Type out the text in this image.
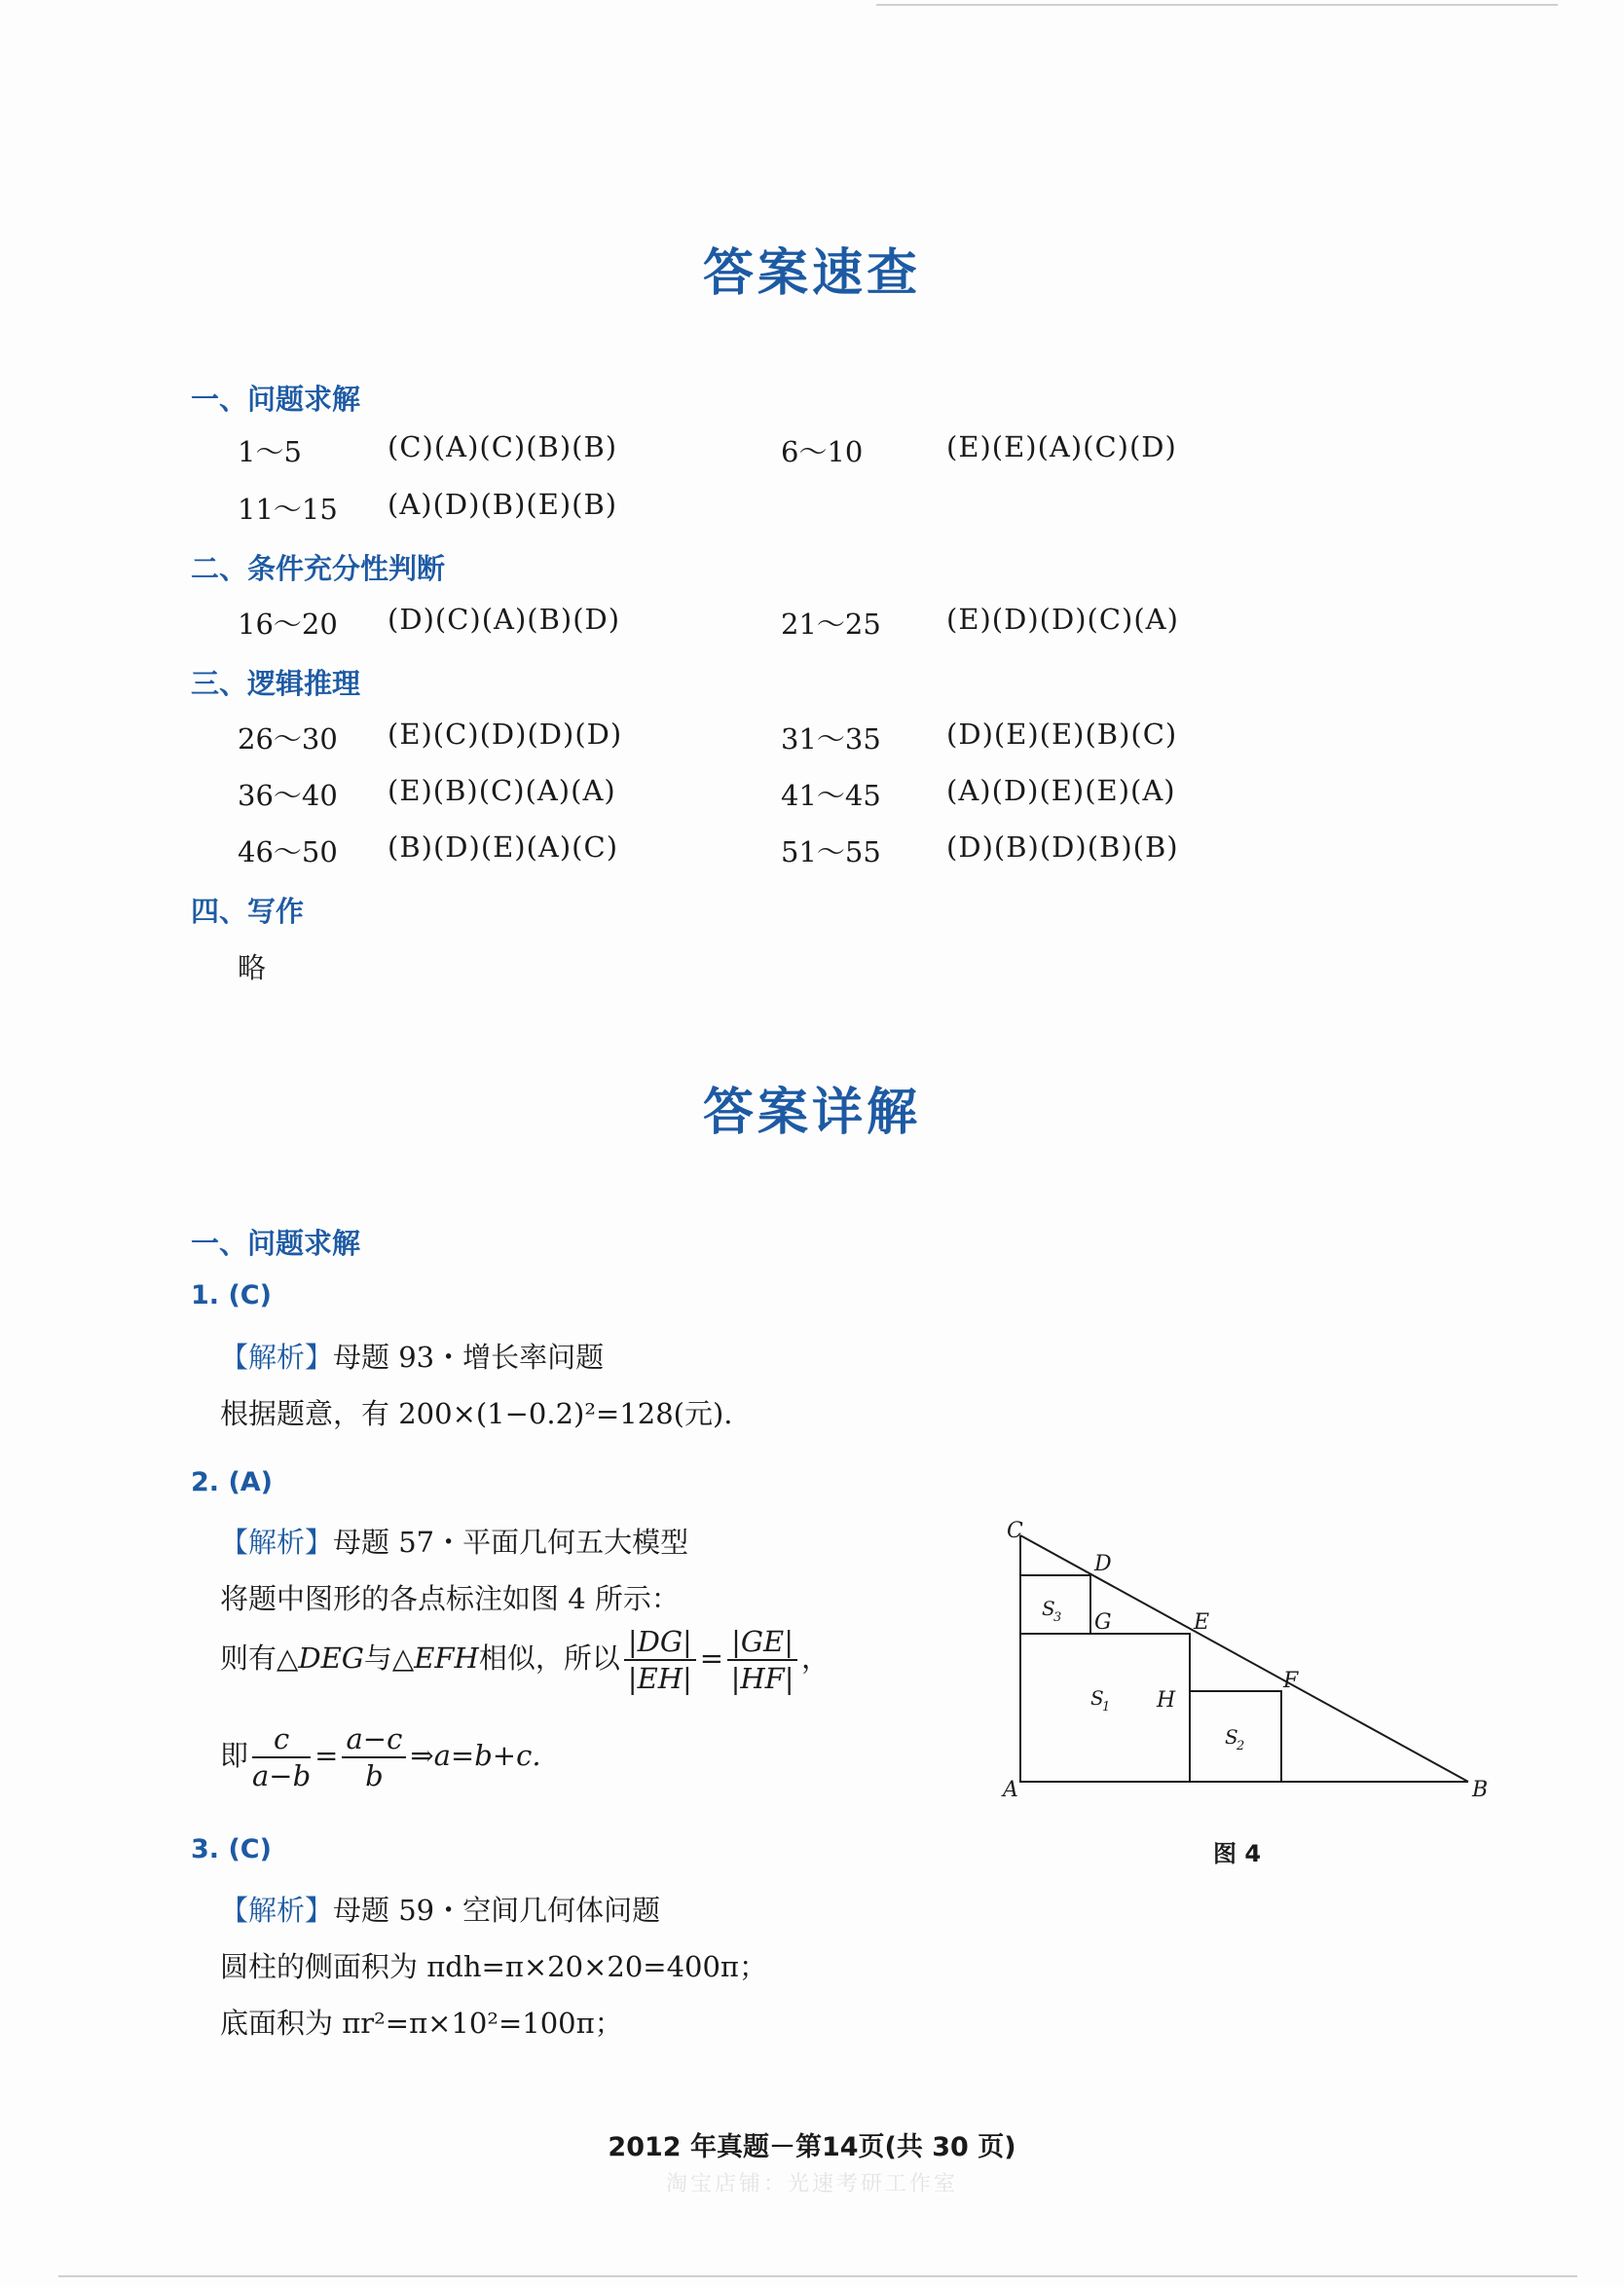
答案速查
一、问题求解
1～5	(C)(A)(C)(B)(B)	6～10	(E)(E)(A)(C)(D)
11～15 (A)(D)(B)(E)(B)
二、条件充分性判断
16～20 (D)(C)(A)(B)(D)	21～25 (E)(D)(D)(C)(A)
三、逻辑推理
26～30 (E)(C)(D)(D)(D)	31～35 (D)(E)(E)(B)(C)
36～40 (E)(B)(C)(A)(A)	41～45 (A)(D)(E)(E)(A)
46～50 (B)(D)(E)(A)(C)	51～55 (D)(B)(D)(B)(B)
四、写作
略
答案详解
一、问题求解
1. (C)
【解析】母题 93・增长率问题
根据题意，有 200×(1−0.2)²=128(元).
2. (A)
【解析】母题 57・平面几何五大模型
将题中图形的各点标注如图 4 所示：
则有△DEG与△EFH相似，所以 $\frac{|DG|}{|EH|} = \frac{|GE|}{|HF|}$ ，
即 $\frac{c}{a-b} = \frac{a-c}{b}$ ⇒a=b+c.
C
D
G	E
H
F
A	B
S
3
S
1
S
2
图 4
3. (C)
【解析】母题 59・空间几何体问题
圆柱的侧面积为 πdh=π×20×20=400π；
底面积为 πr²=π×10²=100π；
2012 年真题－第14页(共 30 页)
淘宝店铺：光速考研工作室
